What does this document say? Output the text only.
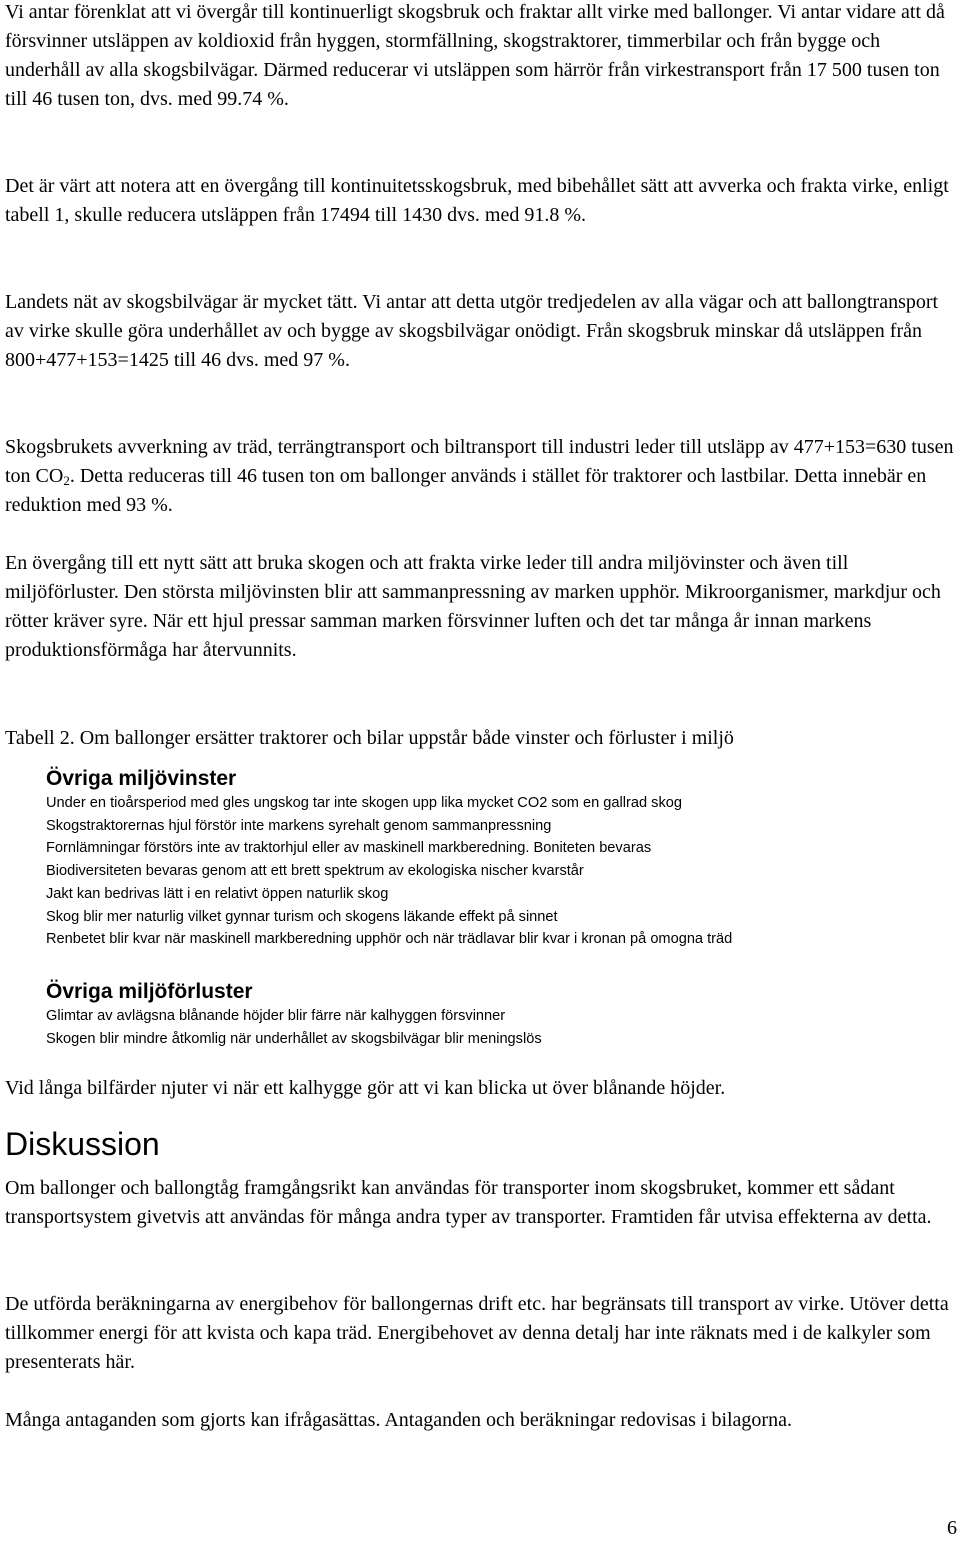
Vi antar förenklat att vi övergår till kontinuerligt skogsbruk och fraktar allt virke med ballonger. Vi antar vidare att då försvinner utsläppen av koldioxid från hyggen, stormfällning, skogstraktorer, timmerbilar och från bygge och underhåll av alla skogsbilvägar. Därmed reducerar vi utsläppen som härrör från virkestransport från 17 500 tusen ton till 46 tusen ton, dvs. med 99.74 %.

Det är värt att notera att en övergång till kontinuitetsskogsbruk, med bibehållet sätt att avverka och frakta virke, enligt tabell 1, skulle reducera utsläppen från 17494 till 1430 dvs. med 91.8 %.

Landets nät av skogsbilvägar är mycket tätt. Vi antar att detta utgör tredjedelen av alla vägar och att ballongtransport av virke skulle göra underhållet av och bygge av skogsbilvägar onödigt. Från skogsbruk minskar då utsläppen från 800+477+153=1425 till 46 dvs. med 97 %.

Skogsbrukets avverkning av träd, terrängtransport och biltransport till industri leder till utsläpp av 477+153=630 tusen ton $CO_2$. Detta reduceras till 46 tusen ton om ballonger används i stället för traktorer och lastbilar. Detta innebär en reduktion med 93 %.

En övergång till ett nytt sätt att bruka skogen och att frakta virke leder till andra miljövinster och även till miljöförluster. Den största miljövinsten blir att sammanpressning av marken upphör. Mikroorganismer, markdjur och rötter kräver syre. När ett hjul pressar samman marken försvinner luften och det tar många år innan markens produktionsförmåga har återvunnits.

Tabell 2. Om ballonger ersätter traktorer och bilar uppstår både vinster och förluster i miljö

Övriga miljövinster
Under en tioårsperiod med gles ungskog tar inte skogen upp lika mycket CO2 som en gallrad skog
Skogstraktorernas hjul förstör inte markens syrehalt genom sammanpressning
Fornlämningar förstörs inte av traktorhjul eller av maskinell markberedning. Boniteten bevaras
Biodiversiteten bevaras genom att ett brett spektrum av ekologiska nischer kvarstår
Jakt kan bedrivas lätt i en relativt öppen naturlik skog
Skog blir mer naturlig vilket gynnar turism och skogens läkande effekt på sinnet
Renbetet blir kvar när maskinell markberedning upphör och när trädlavar blir kvar i kronan på omogna träd
Övriga miljöförluster
Glimtar av avlägsna blånande höjder blir färre när kalhyggen försvinner
Skogen blir mindre åtkomlig när underhållet av skogsbilvägar blir meningslös

Vid långa bilfärder njuter vi när ett kalhygge gör att vi kan blicka ut över blånande höjder.

Diskussion

Om ballonger och ballongtåg framgångsrikt kan användas för transporter inom skogsbruket, kommer ett sådant transportsystem givetvis att användas för många andra typer av transporter. Framtiden får utvisa effekterna av detta.

De utförda beräkningarna av energibehov för ballongernas drift etc. har begränsats till transport av virke. Utöver detta tillkommer energi för att kvista och kapa träd. Energibehovet av denna detalj har inte räknats med i de kalkyler som presenterats här.

Många antaganden som gjorts kan ifrågasättas. Antaganden och beräkningar redovisas i bilagorna.

6
